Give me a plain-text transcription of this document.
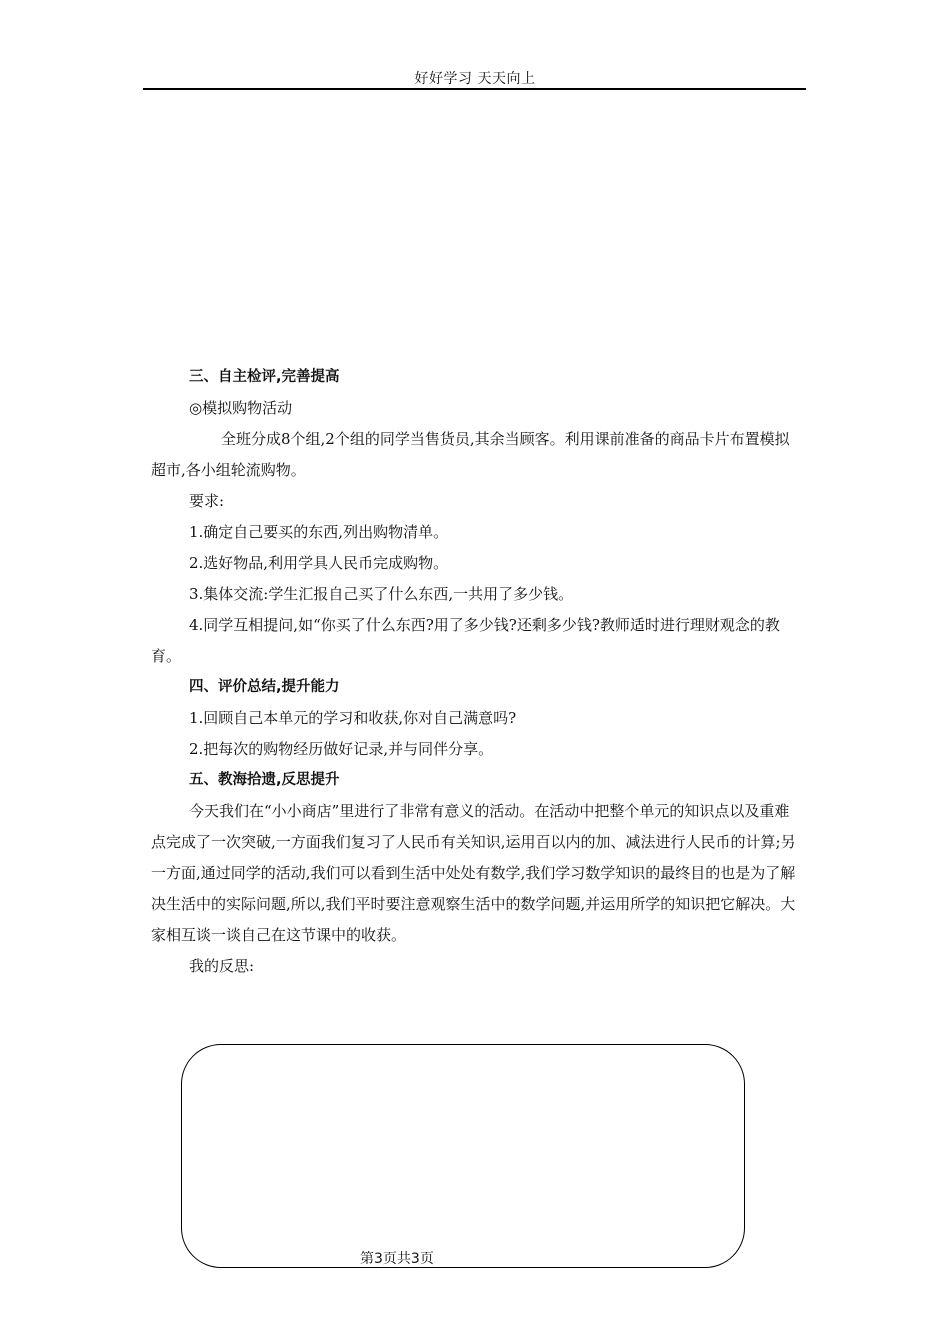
好好学习 天天向上

三、自主检评,完善提高

◎模拟购物活动

全班分成8个组,2个组的同学当售货员,其余当顾客。利用课前准备的商品卡片布置模拟超市,各小组轮流购物。

要求:

1.确定自己要买的东西,列出购物清单。

2.选好物品,利用学具人民币完成购物。

3.集体交流:学生汇报自己买了什么东西,一共用了多少钱。

4.同学互相提问,如“你买了什么东西?用了多少钱?还剩多少钱?教师适时进行理财观念的教育。

四、评价总结,提升能力

1.回顾自己本单元的学习和收获,你对自己满意吗?

2.把每次的购物经历做好记录,并与同伴分享。

五、教海拾遗,反思提升

今天我们在“小小商店”里进行了非常有意义的活动。在活动中把整个单元的知识点以及重难点完成了一次突破,一方面我们复习了人民币有关知识,运用百以内的加、减法进行人民币的计算;另一方面,通过同学的活动,我们可以看到生活中处处有数学,我们学习数学知识的最终目的也是为了解决生活中的实际问题,所以,我们平时要注意观察生活中的数学问题,并运用所学的知识把它解决。大家相互谈一谈自己在这节课中的收获。

我的反思:

第3页共3页
